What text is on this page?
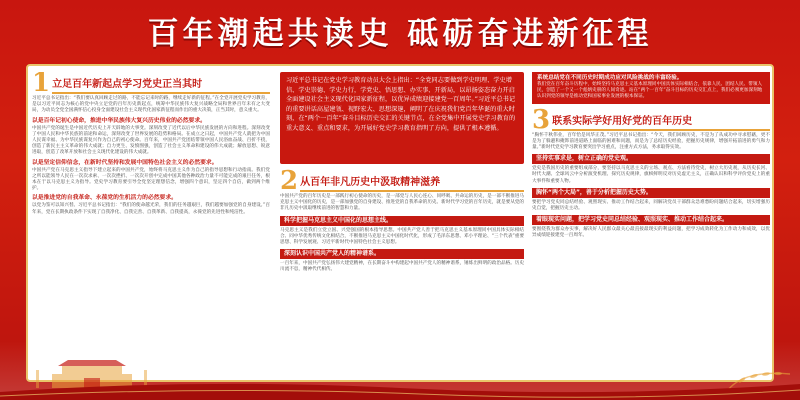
百年潮起共读史 砥砺奋进新征程
1 立足百年新起点学习党史正当其时

习近平总书记指出：“我们要认真回顾走过的路，不能忘记来时的路，继续走好新的征程。”在全党开展党史学习教育，是以习近平同志为核心的党中央立足党的百年历史新起点，统筹中华民族伟大复兴战略全局和世界百年未有之大变局，为动员全党全国满怀信心投身全面建设社会主义现代化国家新征程而作出的重大决策，正当其时，意义重大。

以是百年记初心使命，推进中华民族伟大复兴历史伟业的必然要求。

中国共产党的诞生是中国近代历史上开天辟地的大事变。深刻改变了近代以后中华民族发展的方向和进程。深刻改变了中国人民和中华民族的前途和命运，深刻改变了世界发展的趋势和格局。在成立之日起，中国共产党人就把为中国人民谋幸福、为中华民族谋复兴作为自己的初心使命。百年来，中国共产党团结带领中国人民浴血奋战、百折不挠，创造了新民主主义革命的伟大成就；自力更生、发愤图强，创造了社会主义革命和建设的伟大成就；解放思想、锐意进取，创造了改革开放和社会主义现代化建设的伟大成就。

以是坚定信仰信念，在新时代坚持和发展中国特色社会主义的必然要求。

中国共产党在马克思主义指导下建立起来的中国共产党，始终将马克思主义作为自己的指导思想和行动指南。我们党之所以能领导人民在一次次求索、一次次挫折、一次次开创中完成中国其他各种政治力量不可能完成的艰巨任务，根本在于以马克思主义为指导。党史学习教育要引导全党坚定理想信念，增强四个意识，坚定四个自信，做到两个维护。

以是推进党的自我革命、永葆党的生机活力的必然要求。

以党为鉴可以知兴替。习近平总书记指出：“我们的使命越光荣，我们的任务越艰巨，我们越要加强党的自身建设。”百年来，党在长期执政条件下实现了自我净化、自我完善、自我革新、自我提高，永葆党的先进性和纯洁性。

习近平总书记在党史学习教育动员大会上指出：“全党同志要做到学史明理、学史增信、学史崇德、学史力行，学党史、悟思想、办实事、开新局，以昂扬姿态奋力开启全面建设社会主义现代化国家新征程，以优异成绩迎接建党一百周年。”习近平总书记的重要讲话高屋建瓴、视野宏大、思想深邃，阐明了在庆祝我们党百年华诞的重大时刻，在“两个一百年”奋斗目标历史交汇的关键节点，在全党集中开展党史学习教育的重大意义、重点和要求，为开展好党史学习教育指明了方向，提供了根本遵循。
2 从百年非凡历史中汲取精神滋养

中国共产党的百年历史是一部践行初心使命的历史，是一部党与人民心连心、同呼吸、共命运的历史，是一部不断推进马克思主义中国化的历史，是一部加强党的自身建设、推进党的自我革命的历史。新时代学习党的百年历史，就是要从党的非凡历史中汲取继续前进的智慧和力量。

科学把握马克思主义中国化的思想主线。

马克思主义是我们立党立国、兴党强国的根本指导思想。中国共产党人善于把马克思主义基本原理同中国具体实际相结合、同中华优秀传统文化相结合，不断推进马克思主义中国化时代化，形成了毛泽东思想、邓小平理论、“三个代表”重要思想、科学发展观、习近平新时代中国特色社会主义思想。

深刻认识中国共产党人的精神谱系。

一百年来，中国共产党弘扬伟大建党精神，在长期奋斗中构建起中国共产党人的精神谱系，锤炼出鲜明的政治品格。历史川流不息，精神代代相传。

系统总结党在不同历史时期成功应对风险挑战的丰富经验。
我们党在百年奋斗历程中，始终坚持马克思主义基本原理同中国具体实际相结合，依靠人民、团结人民、带领人民，创造了一个又一个彪炳史册的人间奇迹。站在“两个一百年”奋斗目标的历史交汇点上，我们必须更加深刻地认识到党的领导是推动党和国家事业发展的根本保证。
3 联系实际学好用好党的百年历史

“胸怀千秋伟业，百年恰是风华正茂。”习近平总书记指出：“今天，我们回顾历史，不是为了从成功中寻求慰藉，更不是为了躲避和掩饰前进道路上面临的困难和问题，而是为了总结历史经验，把握历史规律，增强开拓前进的勇气和力量。”新时代党史学习教育要突出学习重点，注重方式方法，务求取得实效。

坚持实事求是，树立正确的党史观。

党史是我国历史的重要组成部分，要坚持以马克思主义的立场、观点、方法看待党史，树立大历史观，从历史长河、时代大潮、全球风云中分析演变机理、探究历史规律，旗帜鲜明反对历史虚无主义，正确认识和科学评价党史上的重大事件和重要人物。

胸怀“两个大局”，善于分析把握历史大势。

要把学习党史同总结经验、观照现实、推动工作结合起来，同解决党员干部群众急难愁盼问题结合起来，切实增强历史自觉，把握历史主动。

着眼现实问题，把学习党史同总结经验、观照现实、推动工作结合起来。

要围绕我为群众办实事，解决好人民群众最关心最直接最现实的利益问题，把学习成效转化为工作动力和成效，以优异成绩迎接建党一百周年。
